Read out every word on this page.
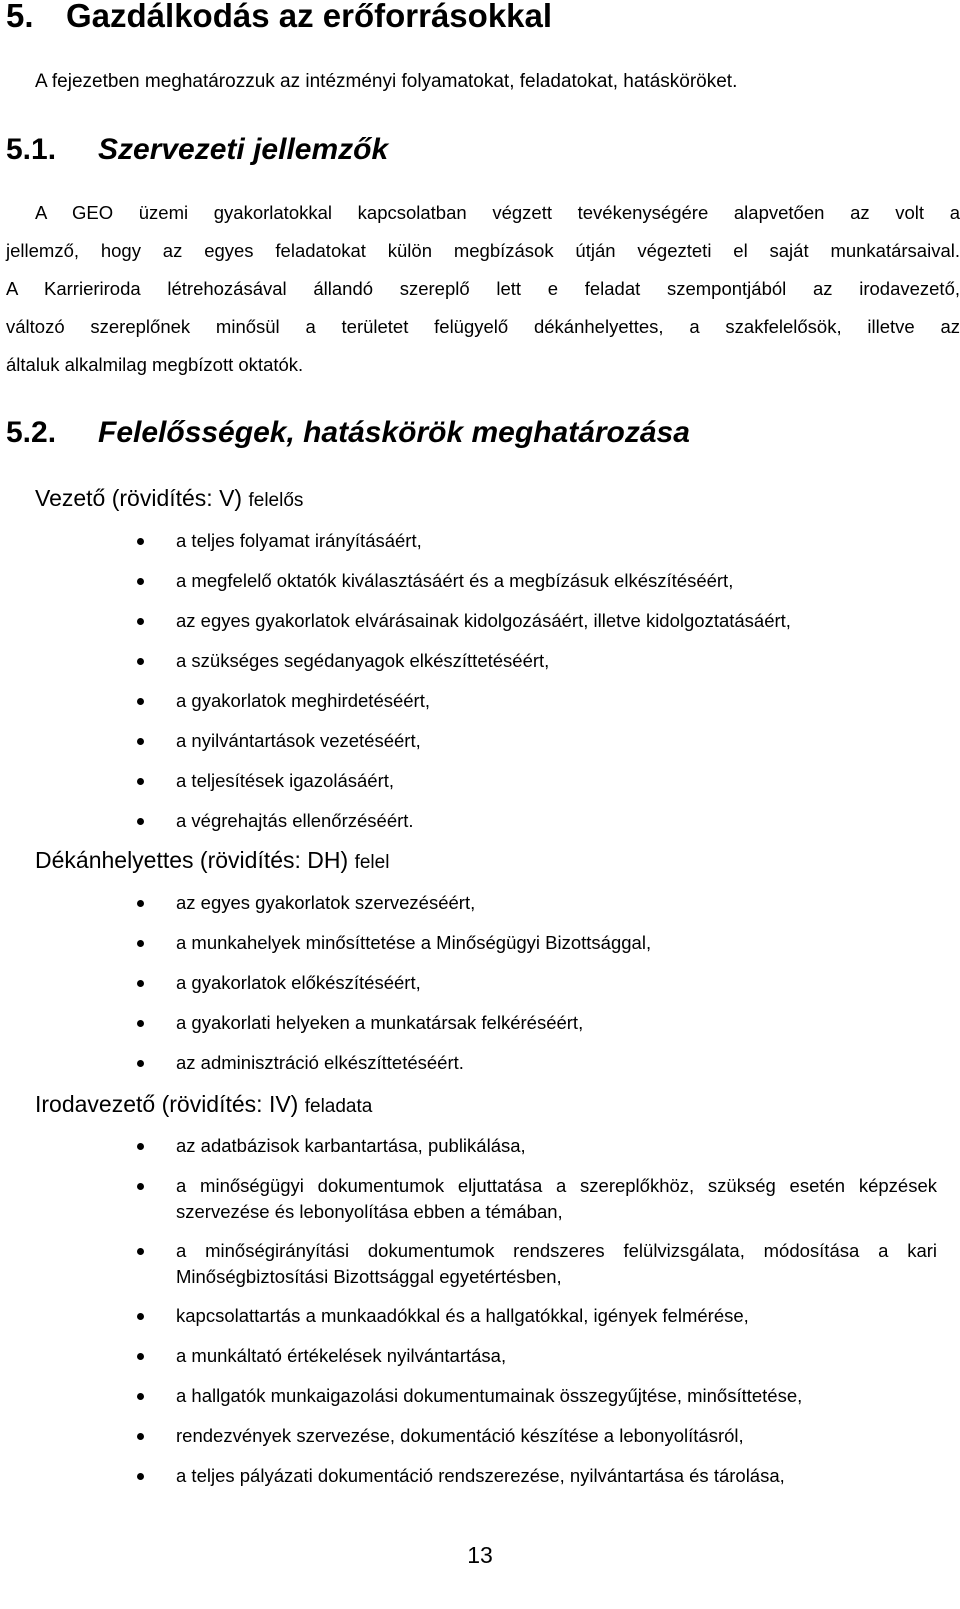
5. Gazdálkodás az erőforrásokkal

A fejezetben meghatározzuk az intézményi folyamatokat, feladatokat, hatásköröket.

5.1. Szervezeti jellemzők
A GEO üzemi gyakorlatokkal kapcsolatban végzett tevékenységére alapvetően az volt a
jellemző, hogy az egyes feladatokat külön megbízások útján végezteti el saját munkatársaival.
A Karrieriroda létrehozásával állandó szereplő lett e feladat szempontjából az irodavezető,
változó szereplőnek minősül a területet felügyelő dékánhelyettes, a szakfelelősök, illetve az
általuk alkalmilag megbízott oktatók.
5.2. Felelősségek, hatáskörök meghatározása

Vezető (rövidítés: V) felelős

a teljes folyamat irányításáért,
a megfelelő oktatók kiválasztásáért és a megbízásuk elkészítéséért,
az egyes gyakorlatok elvárásainak kidolgozásáért, illetve kidolgoztatásáért,
a szükséges segédanyagok elkészíttetéséért,
a gyakorlatok meghirdetéséért,
a nyilvántartások vezetéséért,
a teljesítések igazolásáért,
a végrehajtás ellenőrzéséért.

Dékánhelyettes (rövidítés: DH) felel

az egyes gyakorlatok szervezéséért,
a munkahelyek minősíttetése a Minőségügyi Bizottsággal,
a gyakorlatok előkészítéséért,
a gyakorlati helyeken a munkatársak felkéréséért,
az adminisztráció elkészíttetéséért.

Irodavezető (rövidítés: IV) feladata

az adatbázisok karbantartása, publikálása,
a minőségügyi dokumentumok eljuttatása a szereplőkhöz, szükség esetén képzések szervezése és lebonyolítása ebben a témában,
a minőségirányítási dokumentumok rendszeres felülvizsgálata, módosítása a kari Minőségbiztosítási Bizottsággal egyetértésben,
kapcsolattartás a munkaadókkal és a hallgatókkal, igények felmérése,
a munkáltató értékelések nyilvántartása,
a hallgatók munkaigazolási dokumentumainak összegyűjtése, minősíttetése,
rendezvények szervezése, dokumentáció készítése a lebonyolításról,
a teljes pályázati dokumentáció rendszerezése, nyilvántartása és tárolása,
13
